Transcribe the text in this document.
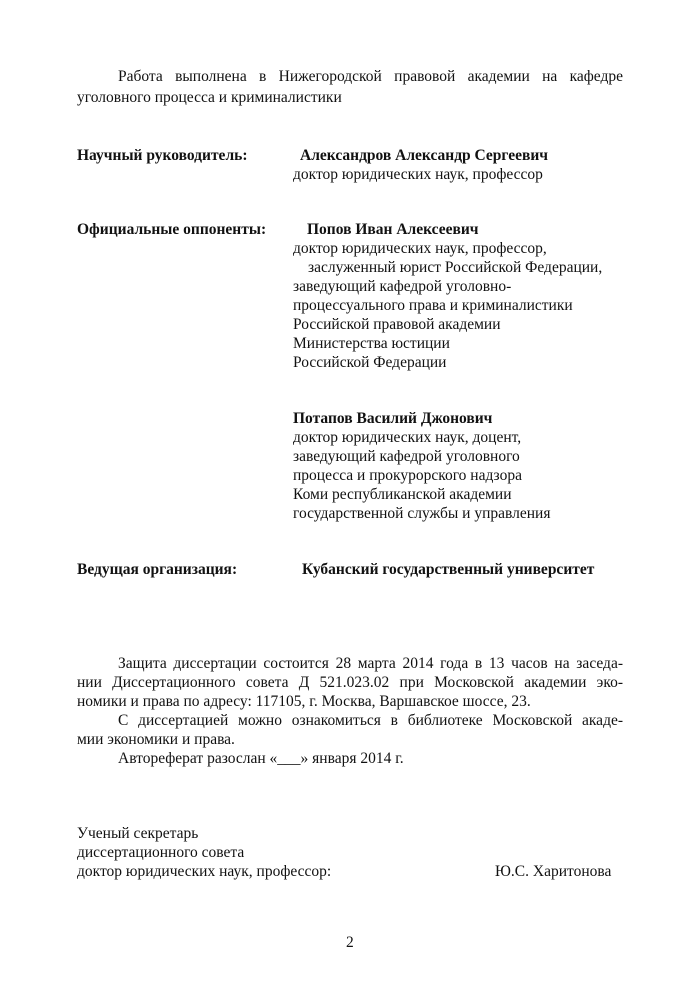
Работа выполнена в Нижегородской правовой академии на кафедре
уголовного процесса и криминалистики
Научный руководитель:	Александров Александр Сергеевич
доктор юридических наук, профессор
Официальные оппоненты:	Попов Иван Алексеевич
доктор юридических наук, профессор,
заслуженный юрист Российской Федерации,
заведующий кафедрой уголовно-
процессуального права и криминалистики
Российской правовой академии
Министерства юстиции
Российской Федерации
Потапов Василий Джонович
доктор юридических наук, доцент,
заведующий кафедрой уголовного
процесса и прокурорского надзора
Коми республиканской академии
государственной службы и управления
Ведущая организация:	Кубанский государственный университет
Защита диссертации состоится 28 марта 2014 года в 13 часов на заседа-
нии Диссертационного совета Д 521.023.02 при Московской академии эко-
номики и права по адресу: 117105, г. Москва, Варшавское шоссе, 23.
С диссертацией можно ознакомиться в библиотеке Московской акаде-
мии экономики и права.
Автореферат разослан «___» января 2014 г.
Ученый секретарь
диссертационного совета
доктор юридических наук, профессор:	Ю.С. Харитонова
2
